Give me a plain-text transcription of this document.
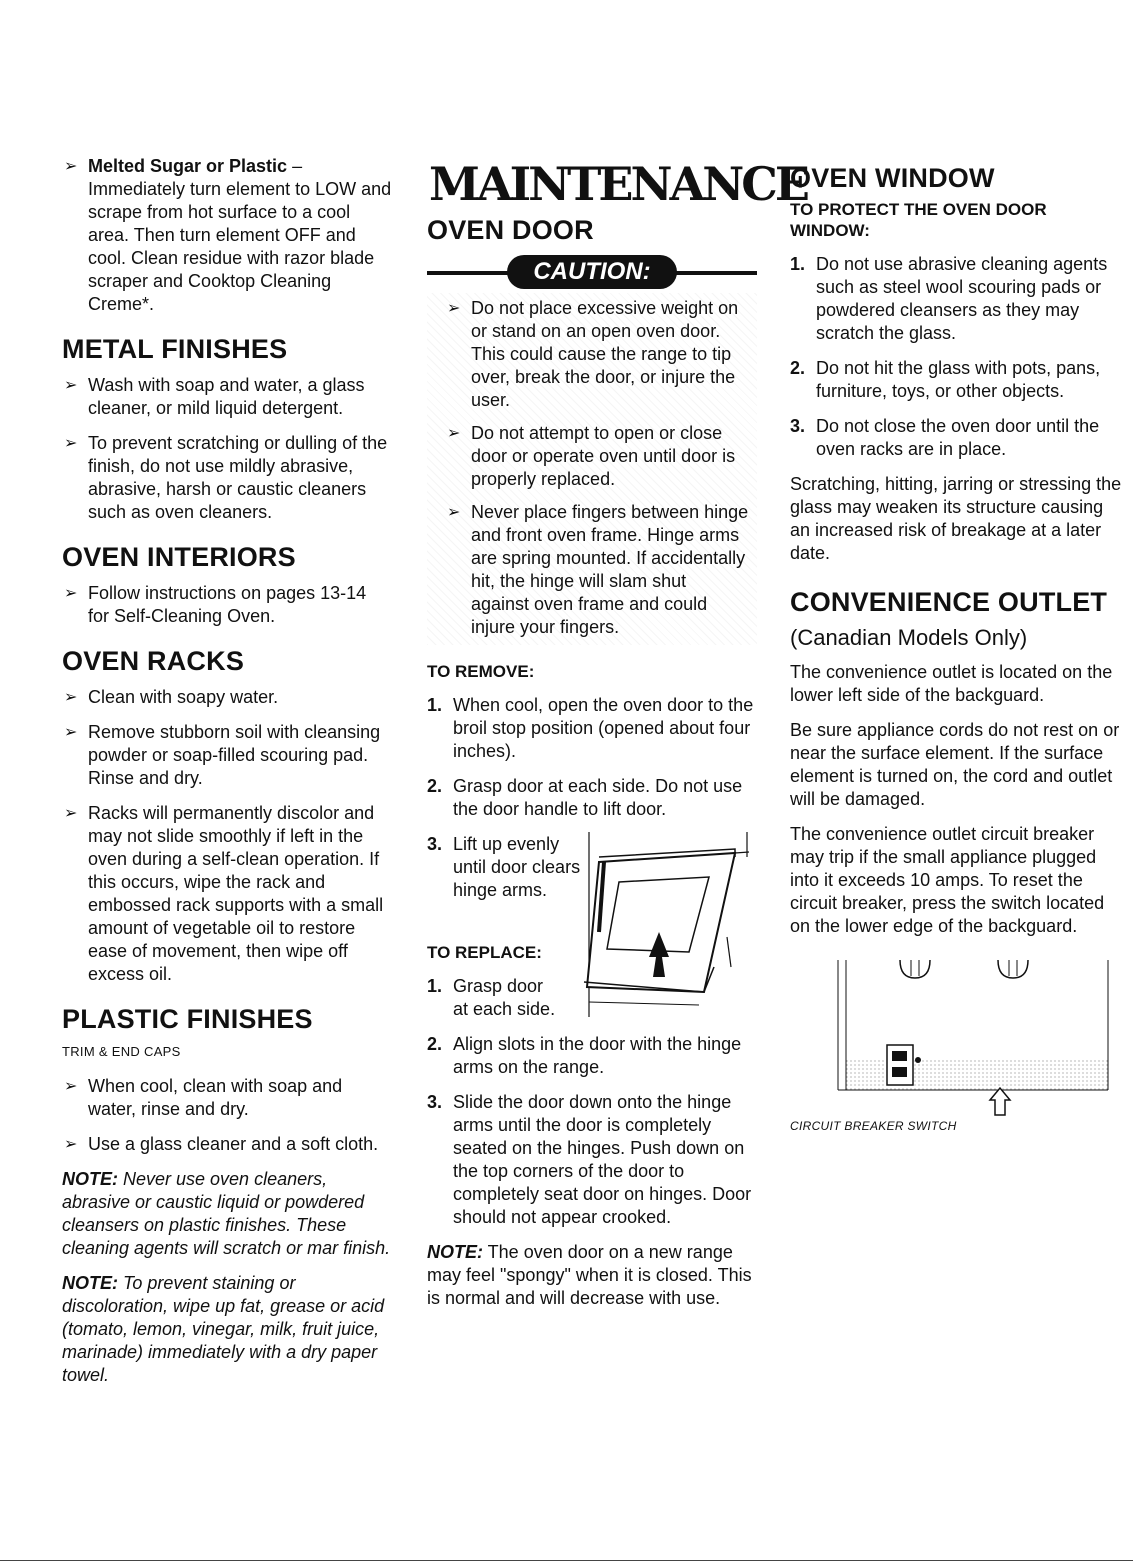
➢ Melted Sugar or Plastic – Immediately turn element to LOW and scrape from hot surface to a cool area. Then turn element OFF and cool. Clean residue with razor blade scraper and Cooktop Cleaning Creme*.
METAL FINISHES
➢ Wash with soap and water, a glass cleaner, or mild liquid detergent.
➢ To prevent scratching or dulling of the finish, do not use mildly abrasive, abrasive, harsh or caustic cleaners such as oven cleaners.
OVEN INTERIORS
➢ Follow instructions on pages 13-14 for Self-Cleaning Oven.
OVEN RACKS
➢ Clean with soapy water.
➢ Remove stubborn soil with cleansing powder or soap-filled scouring pad. Rinse and dry.
➢ Racks will permanently discolor and may not slide smoothly if left in the oven during a self-clean operation. If this occurs, wipe the rack and embossed rack supports with a small amount of vegetable oil to restore ease of movement, then wipe off excess oil.
PLASTIC FINISHES
TRIM & END CAPS
➢ When cool, clean with soap and water, rinse and dry.
➢ Use a glass cleaner and a soft cloth.
NOTE: Never use oven cleaners, abrasive or caustic liquid or powdered cleansers on plastic finishes. These cleaning agents will scratch or mar finish.
NOTE: To prevent staining or discoloration, wipe up fat, grease or acid (tomato, lemon, vinegar, milk, fruit juice, marinade) immediately with a dry paper towel.
MAINTENANCE
OVEN DOOR
CAUTION:
➢ Do not place excessive weight on or stand on an open oven door. This could cause the range to tip over, break the door, or injure the user.
➢ Do not attempt to open or close door or operate oven until door is properly replaced.
➢ Never place fingers between hinge and front oven frame. Hinge arms are spring mounted. If accidentally hit, the hinge will slam shut against oven frame and could injure your fingers.
TO REMOVE:
1. When cool, open the oven door to the broil stop position (opened about four inches).
2. Grasp door at each side. Do not use the door handle to lift door.
3. Lift up evenly until door clears hinge arms.
TO REPLACE:
1. Grasp door at each side.
2. Align slots in the door with the hinge arms on the range.
3. Slide the door down onto the hinge arms until the door is completely seated on the hinges. Push down on the top corners of the door to completely seat door on hinges. Door should not appear crooked.
NOTE: The oven door on a new range may feel "spongy" when it is closed. This is normal and will decrease with use.
OVEN WINDOW
TO PROTECT THE OVEN DOOR WINDOW:
1. Do not use abrasive cleaning agents such as steel wool scouring pads or powdered cleansers as they may scratch the glass.
2. Do not hit the glass with pots, pans, furniture, toys, or other objects.
3. Do not close the oven door until the oven racks are in place.
Scratching, hitting, jarring or stressing the glass may weaken its structure causing an increased risk of breakage at a later date.
CONVENIENCE OUTLET
(Canadian Models Only)
The convenience outlet is located on the lower left side of the backguard.
Be sure appliance cords do not rest on or near the surface element. If the surface element is turned on, the cord and outlet will be damaged.
The convenience outlet circuit breaker may trip if the small appliance plugged into it exceeds 10 amps. To reset the circuit breaker, press the switch located on the lower edge of the backguard.
CIRCUIT BREAKER SWITCH
